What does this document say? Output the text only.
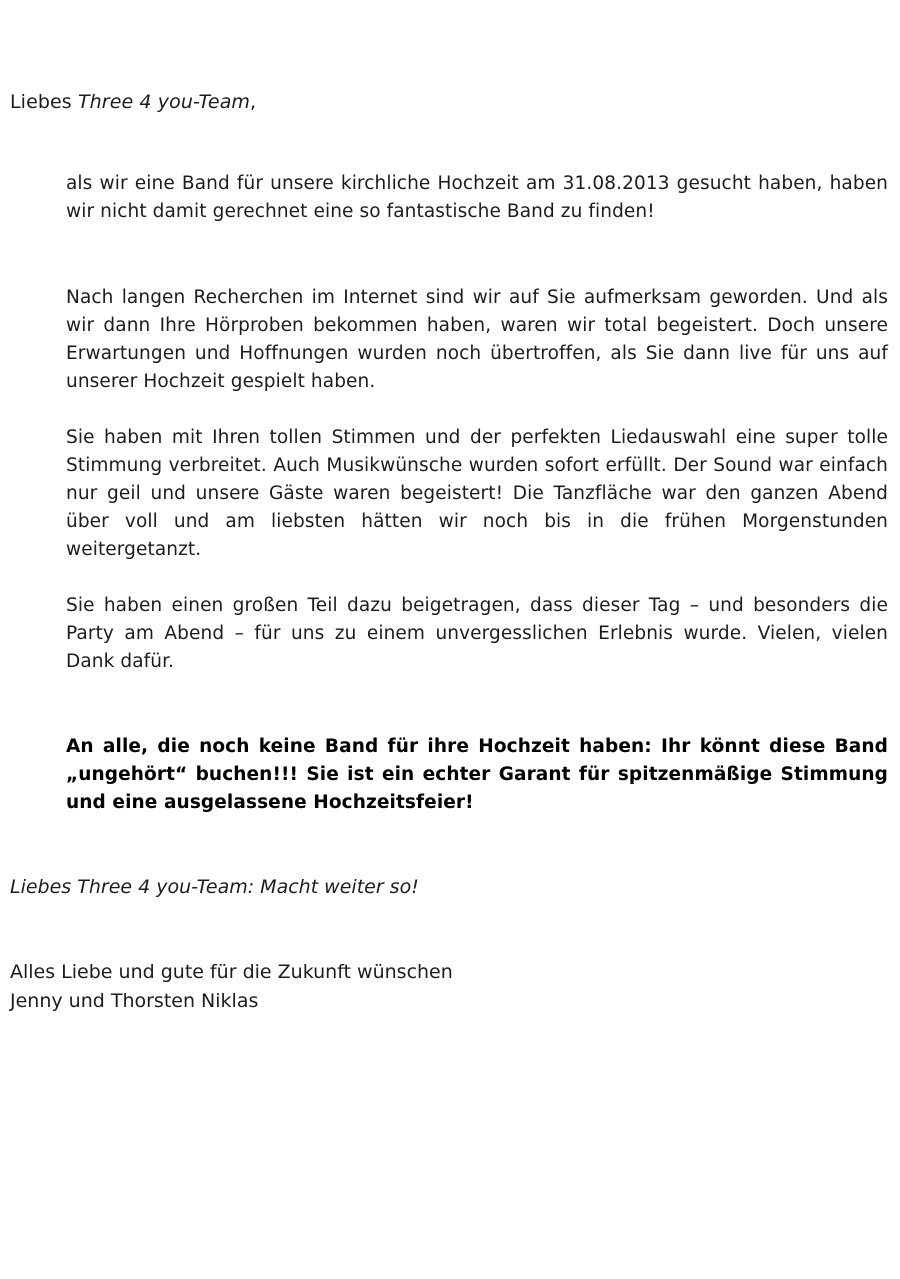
Liebes Three 4 you-Team,

als wir eine Band für unsere kirchliche Hochzeit am 31.08.2013 gesucht haben, haben wir nicht damit gerechnet eine so fantastische Band zu finden!

Nach langen Recherchen im Internet sind wir auf Sie aufmerksam geworden. Und als wir dann Ihre Hörproben bekommen haben, waren wir total begeistert. Doch unsere Erwartungen und Hoffnungen wurden noch übertroffen, als Sie dann live für uns auf unserer Hochzeit gespielt haben.

Sie haben mit Ihren tollen Stimmen und der perfekten Liedauswahl eine super tolle Stimmung verbreitet. Auch Musikwünsche wurden sofort erfüllt. Der Sound war einfach nur geil und unsere Gäste waren begeistert! Die Tanzfläche war den ganzen Abend über voll und am liebsten hätten wir noch bis in die frühen Morgenstunden weitergetanzt.

Sie haben einen großen Teil dazu beigetragen, dass dieser Tag – und besonders die Party am Abend – für uns zu einem unvergesslichen Erlebnis wurde. Vielen, vielen Dank dafür.

An alle, die noch keine Band für ihre Hochzeit haben: Ihr könnt diese Band „ungehört“ buchen!!! Sie ist ein echter Garant für spitzenmäßige Stimmung und eine ausgelassene Hochzeitsfeier!

Liebes Three 4 you-Team: Macht weiter so!
Alles Liebe und gute für die Zukunft wünschen
Jenny und Thorsten Niklas
